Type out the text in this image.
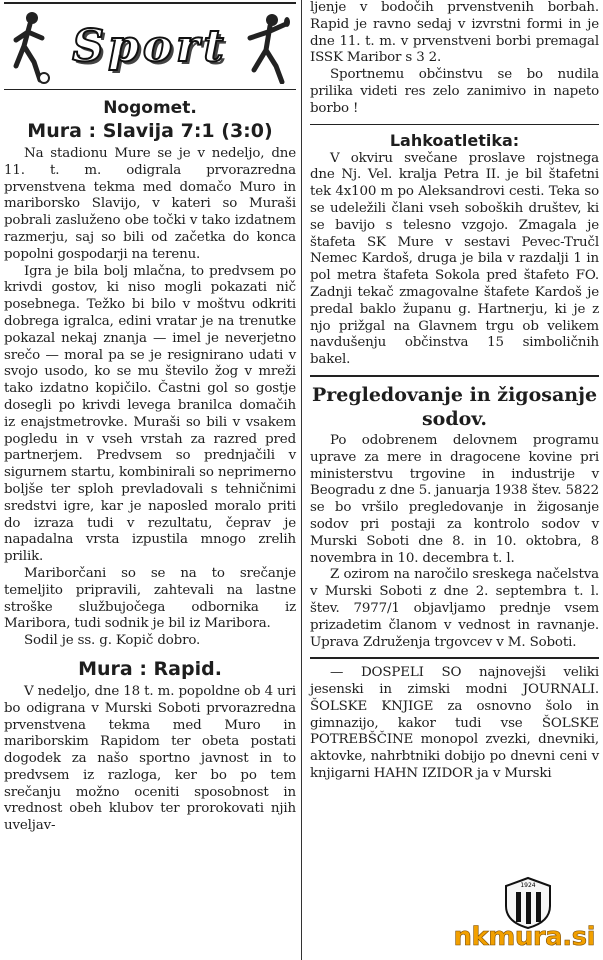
Sport
Nogomet.
Mura : Slavija 7:1 (3:0)

Na stadionu Mure se je v nedeljo, dne 11. t. m. odigrala prvorazredna prvenstvena tekma med domačo Muro in mariborsko Slavijo, v kateri so Muraši pobrali zasluženo obe točki v tako izdatnem razmerju, saj so bili od začetka do konca popolni gospodarji na terenu.

Igra je bila bolj mlačna, to predvsem po krivdi gostov, ki niso mogli pokazati nič posebnega. Težko bi bilo v moštvu odkriti dobrega igralca, edini vratar je na trenutke pokazal nekaj znanja — imel je neverjetno srečo — moral pa se je resignirano udati v svojo usodo, ko se mu število žog v mreži tako izdatno kopičilo. Častni gol so gostje dosegli po krivdi levega branilca domačih iz enajstmetrovke. Muraši so bili v vsakem pogledu in v vseh vrstah za razred pred partnerjem. Predvsem so prednjačili v sigurnem startu, kombinirali so neprimerno boljše ter sploh prevladovali s tehničnimi sredstvi igre, kar je naposled moralo priti do izraza tudi v rezultatu, čeprav je napadalna vrsta izpustila mnogo zrelih prilik.

Mariborčani so se na to srečanje temeljito pripravili, zahtevali na lastne stroške službujočega odbornika iz Maribora, tudi sodnik je bil iz Maribora.

Sodil je ss. g. Kopič dobro.

Mura : Rapid.

V nedeljo, dne 18 t. m. popoldne ob 4 uri bo odigrana v Murski Soboti prvorazredna prvenstvena tekma med Muro in mariborskim Rapidom ter obeta postati dogodek za našo sportno javnost in to predvsem iz razloga, ker bo po tem srečanju možno oceniti sposobnost in vrednost obeh klubov ter prorokovati njih uveljav-

ljenje v bodočih prvenstvenih borbah. Rapid je ravno sedaj v izvrstni formi in je dne 11. t. m. v prvenstveni borbi premagal ISSK Maribor s 3 2.

Sportnemu občinstvu se bo nudila prilika videti res zelo zanimivo in napeto borbo !

Lahkoatletika:

V okviru svečane proslave rojstnega dne Nj. Vel. kralja Petra II. je bil štafetni tek 4x100 m po Aleksandrovi cesti. Teka so se udeležili člani vseh soboških društev, ki se bavijo s telesno vzgojo. Zmagala je štafeta SK Mure v sestavi Pevec-Tručl Nemec Kardoš, druga je bila v razdalji 1 in pol metra štafeta Sokola pred štafeto FO. Zadnji tekač zmagovalne štafete Kardoš je predal baklo županu g. Hartnerju, ki je z njo prižgal na Glavnem trgu ob velikem navdušenju občinstva 15 simboličnih bakel.

Pregledovanje in žigosanje sodov.

Po odobrenem delovnem programu uprave za mere in dragocene kovine pri ministerstvu trgovine in industrije v Beogradu z dne 5. januarja 1938 štev. 5822 se bo vršilo pregledovanje in žigosanje sodov pri postaji za kontrolo sodov v Murski Soboti dne 8. in 10. oktobra, 8 novembra in 10. decembra t. l.

Z ozirom na naročilo sreskega načelstva v Murski Soboti z dne 2. septembra t. l. štev. 7977/1 objavljamo prednje vsem prizadetim članom v vednost in ravnanje. Uprava Združenja trgovcev v M. Soboti.

— DOSPELI SO najnovejši veliki jesenski in zimski modni JOURNALI. ŠOLSKE KNJIGE za osnovno šolo in gimnazijo, kakor tudi vse ŠOLSKE POTREBŠČINE monopol zvezki, dnevniki, aktovke, nahrbtniki dobijo po dnevni ceni v knjigarni HAHN IZIDOR ja v Murski

1924
nkmura.si
